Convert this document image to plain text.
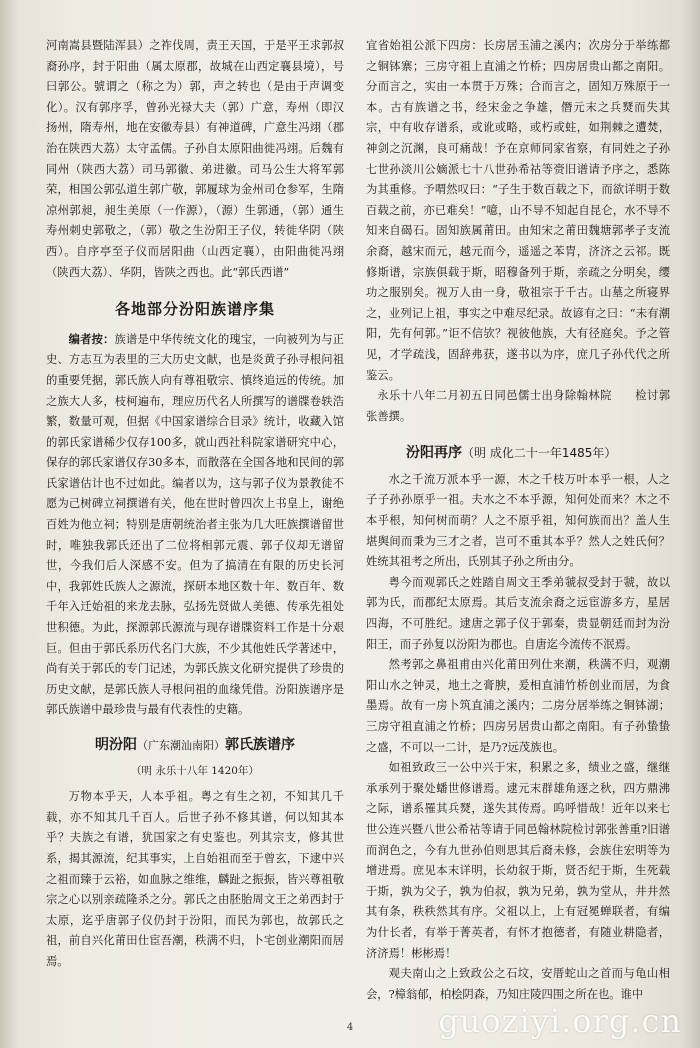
河南嵩县暨陆浑县）之祚伐周，责王天国，于是平王求郭叔裔孙序，封于阳曲（属太原郡，故城在山西定襄县境），号曰郭公。號谓之（称之为）郭，声之转也（是由于声调变化）。汉有郭序孚，曾孙光禄大夫（郭）广意，寿州（即汉扬州，隋寿州，地在安徽寿县）有神道碑，广意生冯翊（郡治在陕西大荔）太守孟儒。子孙自太原阳曲徙冯翊。后魏有同州（陕西大荔）司马郭徽、弟进徽。司马公生大将军郭荣，相国公郭弘道生郭广敬，郭履球为金州司仓参军，生隋凉州郭昶，昶生美原（一作源），（源）生郭通，（郭）通生寿州刺史郭敬之，（郭）敬之生汾阳王子仪，转徙华阴（陕西）。自序亭至子仪而居阳曲（山西定襄），由阳曲徙冯翊（陕西大荔）、华阴，皆陕之西也。此“郭氏西谱”

各地部分汾阳族谱序集

编者按：族谱是中华传统文化的瑰宝，一向被列为与正史、方志互为表里的三大历史文献，也是炎黄子孙寻根问祖的重要凭据，郭氏族人向有尊祖敬宗、慎终追远的传统。加之族大人多，枝柯遍布，理应历代名人所撰写的谱牒卷轶浩繁，数量可观，但据《中国家谱综合目录》统计，收藏入馆的郭氏家谱稀少仅存100多，就山西社科院家谱研究中心，保存的郭氏家谱仅存30多本，而散落在全国各地和民间的郭氏家谱估计也不过如此。编者以为，这与郭子仪为景教徒不愿为己树碑立祠撰谱有关，他在世时曾四次上书皇上，谢绝百姓为他立祠；特别是唐朝统治者主张为几大旺族撰谱留世时，唯独我郭氏还出了二位将相郭元震、郭子仪却无谱留世，今我们后人深感不安。但为了搞清在有限的历史长河中，我郭姓氏族人之源流，探研本地区数十年、数百年、数千年入迁始祖的来龙去脉，弘扬先贤做人美德、传承先祖处世积德。为此，探源郭氏源流与现存谱牒资料工作是十分艰巨。但由于郭氏系历代名门大族，不少其他姓氏学著述中，尚有关于郭氏的专门记述，为郭氏族文化研究提供了珍贵的历史文献，是郭氏族人寻根问祖的血缘凭借。汾阳族谱序是郭氏族谱中最珍贵与最有代表性的史籍。

明汾阳（广东潮汕南阳）郭氏族谱序
（明 永乐十八年 1420年）

万物本乎天，人本乎祖。粤之有生之初，不知其几千载，亦不知其几千百人。后世子孙不修其谱，何以知其本乎？夫族之有谱，犹国家之有史鉴也。列其宗支，修其世系，揭其源流，纪其事实，上自始祖而至于曾玄，下逮中兴之祖而臻于云裕，如血脉之维维，麟趾之振振，皆兴尊祖敬宗之心以别亲疏隆杀之分。郭氏之由胚胎周文王之弟西封于太原，迄乎唐郭子仪仍封于汾阳，而民为郭也，故郭氏之祖，前自兴化莆田仕宦吾潮，秩满不归，卜宅创业潮阳而居焉。

宜省始祖公派下四房：长房居玉浦之溪内；次房分于举练都之铜钵寨；三房守祖上直浦之竹桥；四房居贵山都之南阳。分而言之，实由一本贯于万殊；合而言之，固知万殊原于一本。古有族谱之书，经宋金之争雄，僭元末之兵燹而失其宗，中有收存谱系，或讹或略，或朽或蛀，如荆棘之遭焚，神剑之沉渊，良可痛哉！予在京师同家省察，有同姓之子孙七世孙淡川公嫡派七十八世孙希祜等赍旧谱请予序之，悉陈为其重修。予喟然叹曰：“子生于数百载之下，而欲详明于数百载之前，亦已难矣！”噫，山不导不知起自昆仑，水不导不知来自碣石。固知族属莆田。由知宋之莆田魏塘郭孝子支流余裔，越宋而元，越元而今，遥遥之苯胄，济济之云祁。既修斯谱，宗族俱载于斯，昭穆备列于斯，亲疏之分明矣，缨功之服别矣。视万人由一身，敬祖宗于千古。山墓之所寝界之，业列记上祖，事实之中难尽纪录。故谚有之曰：“未有潮阳，先有何郭。”讵不信欤？视彼他族，大有径庭矣。予之管见，才学疏浅，固辞弗获，遂书以为序，庶几子孙代代之所鉴云。

永乐十八年二月初五日同邑儒士出身除翰林院　　检讨郭张善撰。

汾阳再序（明 成化二十一年1485年）

水之千流万派本乎一源，木之千枝万叶本乎一根，人之子子孙孙原乎一祖。夫水之不本乎源，知何处而来？木之不本乎根，知何树而萌？人之不原乎祖，知何族而出？盖人生堪舆间而秉为三才之者，岂可不重其本乎？然人之姓氏何？姓统其祖考之所出，氏别其子孙之所由分。

粤今而观郭氏之姓踏自周文王季弟虢叔受封于虢，故以郭为氏，而郡纪太原焉。其后支流余裔之远宦游多方，星居四海，不可胜纪。逮唐之郭子仪于郭秦，贵显朝廷而封为汾阳王，而子孙复以汾阳为郡也。自唐迄今流传不泯焉。

然考郭之鼻祖甫由兴化莆田列仕来潮，秩满不归，观潮阳山水之钟灵，地土之膏腴，爰相直浦竹桥创业而居，为食墨焉。故有一房卜筑直浦之溪内；二房分居举练之铜钵湖；三房守祖直浦之竹桥；四房另居贵山都之南阳。有子孙蛰蛰之盛，不可以一二计，是乃?远茂族也。

如祖致政三一公中兴于宋，积累之多，绩业之盛，继继承承列于聚处蟠世修谱焉。逮元末群雄角逐之秋，四方鼎沸之际，谱系罹其兵燹，遂失其传焉。呜呼惜哉！近年以来七世公连兴暨八世公希祜等请于同邑翰林院检讨郭张善重?旧谱而润色之，今有九世孙伯则思其后裔未修，会族住宏明等为增进焉。庶见本末详明，长幼叙于斯，贤否纪于斯，生死载于斯，孰为父子，孰为伯叔，孰为兄弟，孰为堂从，井井然其有条，秩秩然其有序。父祖以上，上有冠冕蝉联者，有编为什长者，有举于菁英者，有怀才抱德者，有随业耕隐者，济济焉！彬彬焉！

观夫南山之上致政公之石坟，安厝蛇山之首而与龟山相会，?樟翁郁，柏桧阴森，乃知庄陵四围之所在也。谁中

4	guoziyi.org.cn
